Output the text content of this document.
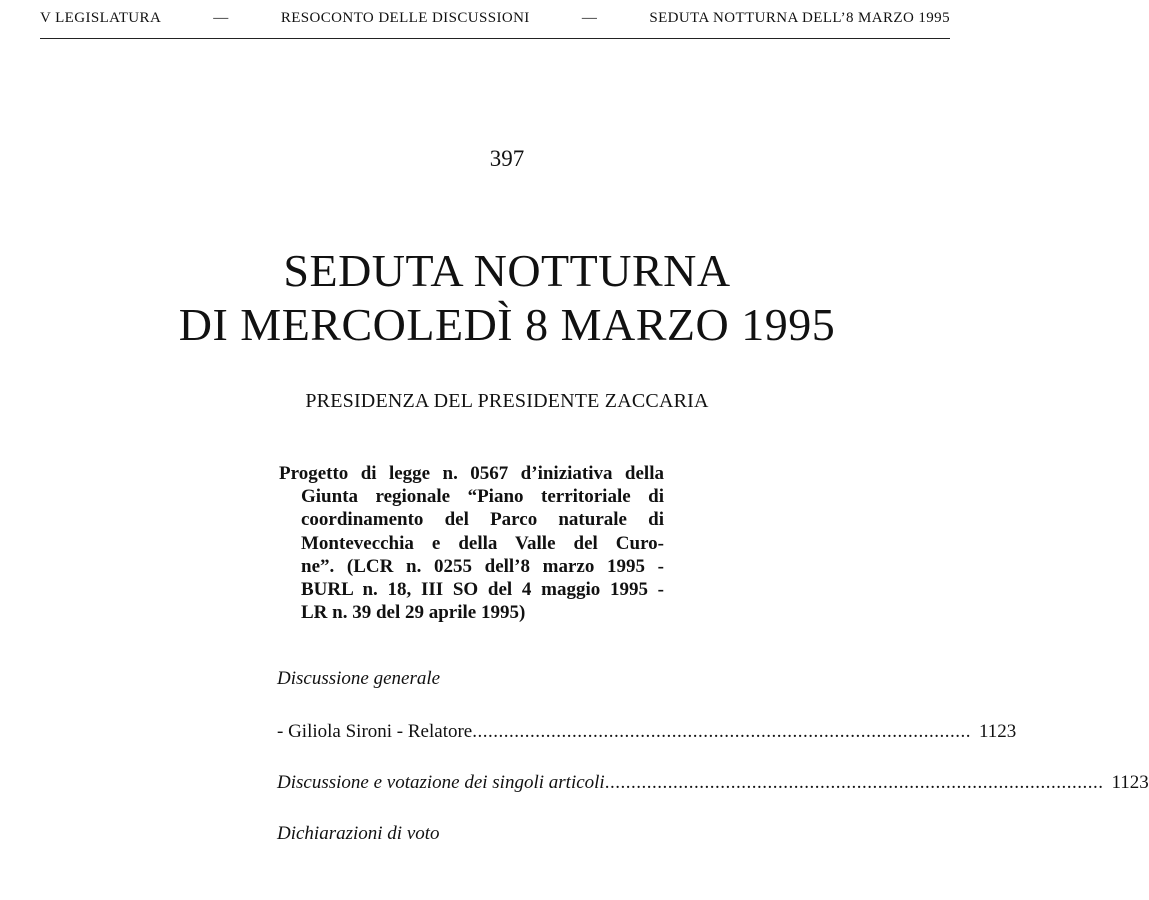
V LEGISLATURA	—	RESOCONTO DELLE DISCUSSIONI	—	SEDUTA NOTTURNA DELL’8 MARZO 1995
397
SEDUTA NOTTURNA
DI MERCOLEDÌ 8 MARZO 1995
PRESIDENZA DEL PRESIDENTE ZACCARIA
Progetto di legge n. 0567 d’iniziativa della
Giunta regionale “Piano territoriale di
coordinamento del Parco naturale di
Montevecchia e della Valle del Curo-
ne”. (LCR n. 0255 dell’8 marzo 1995 -
BURL n. 18, III SO del 4 maggio 1995 -
LR n. 39 del 29 aprile 1995)
Discussione generale
- Giliola Sironi - Relatore ............................................................................................... 1123
Discussione e votazione dei singoli articoli ............................................................................................... 1123
Dichiarazioni di voto
